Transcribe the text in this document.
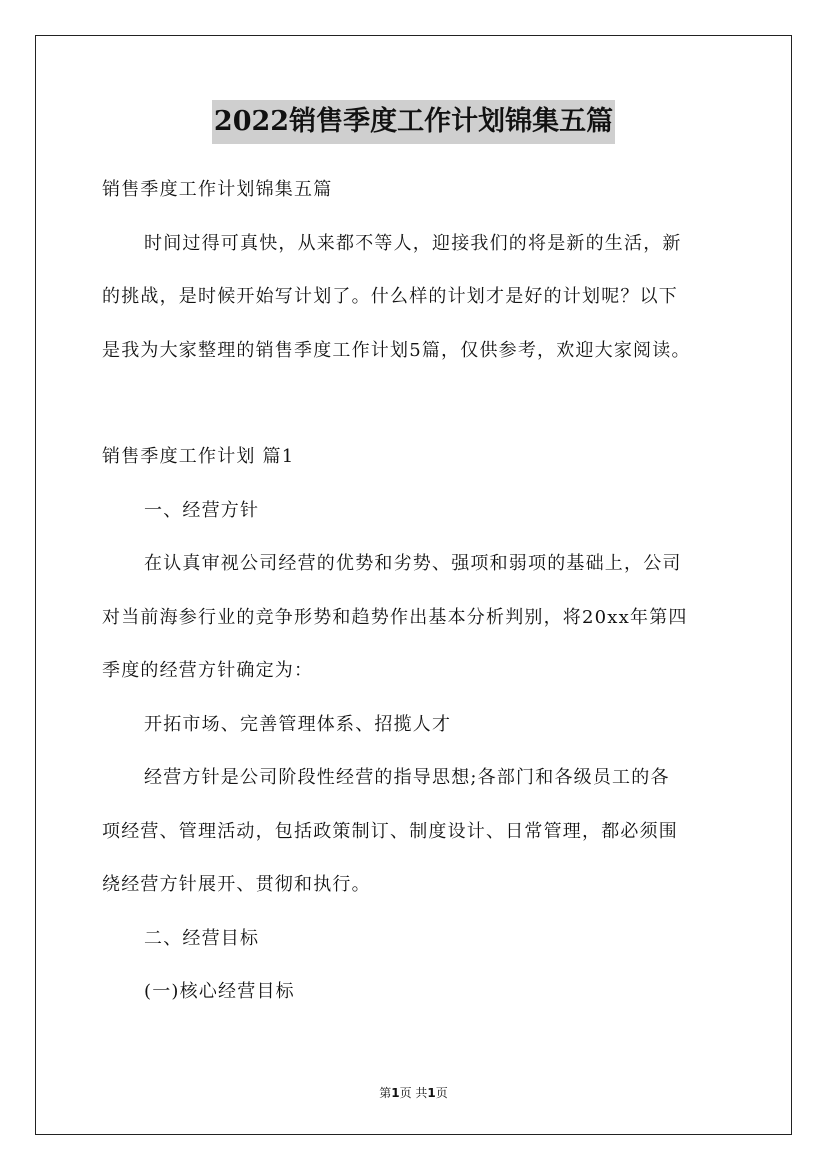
2022销售季度工作计划锦集五篇

销售季度工作计划锦集五篇

时间过得可真快，从来都不等人，迎接我们的将是新的生活，新

的挑战，是时候开始写计划了。什么样的计划才是好的计划呢？以下

是我为大家整理的销售季度工作计划5篇，仅供参考，欢迎大家阅读。

销售季度工作计划 篇1

一、经营方针

在认真审视公司经营的优势和劣势、强项和弱项的基础上，公司

对当前海参行业的竞争形势和趋势作出基本分析判别，将20xx年第四

季度的经营方针确定为：

开拓市场、完善管理体系、招揽人才

经营方针是公司阶段性经营的指导思想;各部门和各级员工的各

项经营、管理活动，包括政策制订、制度设计、日常管理，都必须围

绕经营方针展开、贯彻和执行。

二、经营目标

(一)核心经营目标

第1页 共1页
